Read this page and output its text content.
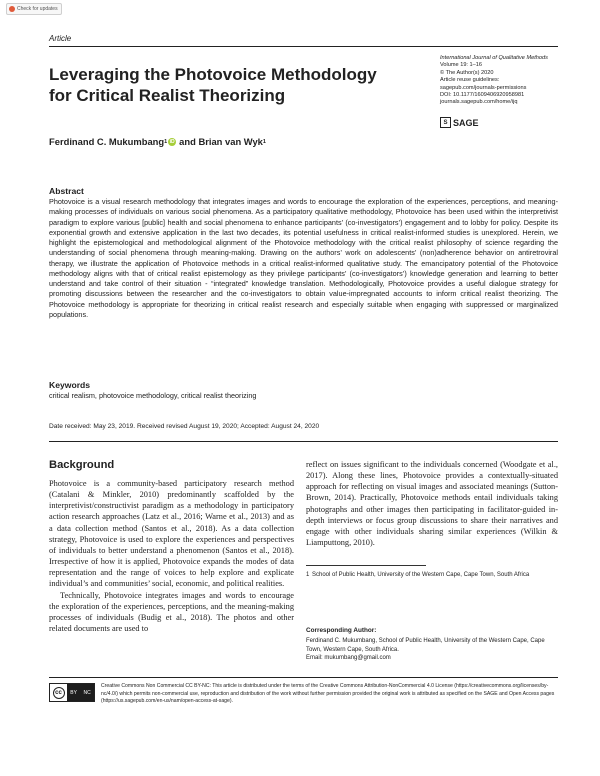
Check for updates
Article
Leveraging the Photovoice Methodology
for Critical Realist Theorizing
International Journal of Qualitative Methods
Volume 19: 1–16
© The Author(s) 2020
Article reuse guidelines:
sagepub.com/journals-permissions
DOI: 10.1177/1609406920958981
journals.sagepub.com/home/ijq
S SAGE
Ferdinand C. Mukumbang 1 iD and Brian van Wyk 1
Abstract
Photovoice is a visual research methodology that integrates images and words to encourage the exploration of the experiences, perceptions, and meaning-making processes of individuals on various social phenomena. As a participatory qualitative methodology, Photovoice has been used within the interpretivist paradigm to explore various [public] health and social phenomena to enhance participants’ (co-investigators’) engagement and to lobby for policy. Despite its exponential growth and extensive application in the last two decades, its potential usefulness in critical realist-informed studies is unexplored. Herein, we highlight the epistemological and methodological alignment of the Photovoice methodology with the critical realist philosophy of science regarding the understanding of social phenomena through meaning-making. Drawing on the authors’ work on adolescents’ (non)adherence behavior on antiretroviral therapy, we illustrate the application of Photovoice methods in a critical realist-informed qualitative study. The emancipatory potential of the Photovoice methodology aligns with that of critical realist epistemology as they privilege participants’ (co-investigators’) knowledge generation and learning to better understand and take control of their situation - “integrated” knowledge translation. Methodologically, Photovoice provides a useful dialogue strategy for promoting discussions between the researcher and the co-investigators to obtain value-impregnated accounts to inform critical realist theorizing. The Photovoice methodology is appropriate for theorizing in critical realist research and especially suitable when engaging with suppressed or marginalized populations.
Keywords
critical realism, photovoice methodology, critical realist theorizing
Date received: May 23, 2019. Received revised August 19, 2020; Accepted: August 24, 2020
Background

Photovoice is a community-based participatory research method (Catalani & Minkler, 2010) predominantly scaffolded by the interpretivist/constructivist paradigm as a methodology in participatory action research approaches (Latz et al., 2016; Warne et al., 2013) and as a data collection method (Santos et al., 2018). As a data collection strategy, Photovoice is used to explore the experiences and perspectives of individuals to better understand a phenomenon (Santos et al., 2018). Irrespective of how it is applied, Photovoice expands the modes of data representation and the range of voices to help explore and explicate individual’s and communities’ social, economic, and political realities.

Technically, Photovoice integrates images and words to encourage the exploration of the experiences, perceptions, and the meaning-making processes of individuals (Budig et al., 2018). The photos and other related documents are used to

reflect on issues significant to the individuals concerned (Woodgate et al., 2017). Along these lines, Photovoice provides a contextually-situated approach for reflecting on visual images and associated meanings (Sutton-Brown, 2014). Practically, Photovoice methods entail individuals taking photographs and other images then participating in facilitator-guided in-depth interviews or focus group discussions to share their narratives and engage with other individuals sharing similar experiences (Wilkin & Liamputtong, 2010).

1 School of Public Health, University of the Western Cape, Cape Town, South Africa
Corresponding Author:
Ferdinand C. Mukumbang, School of Public Health, University of the Western Cape, Cape Town, Western Cape, South Africa.
Email: mukumbang@gmail.com
cc	BY NC
Creative Commons Non Commercial CC BY-NC: This article is distributed under the terms of the Creative Commons Attribution-NonCommercial 4.0 License (https://creativecommons.org/licenses/by-nc/4.0/) which permits non-commercial use, reproduction and distribution of the work without further permission provided the original work is attributed as specified on the SAGE and Open Access pages (https://us.sagepub.com/en-us/nam/open-access-at-sage).
